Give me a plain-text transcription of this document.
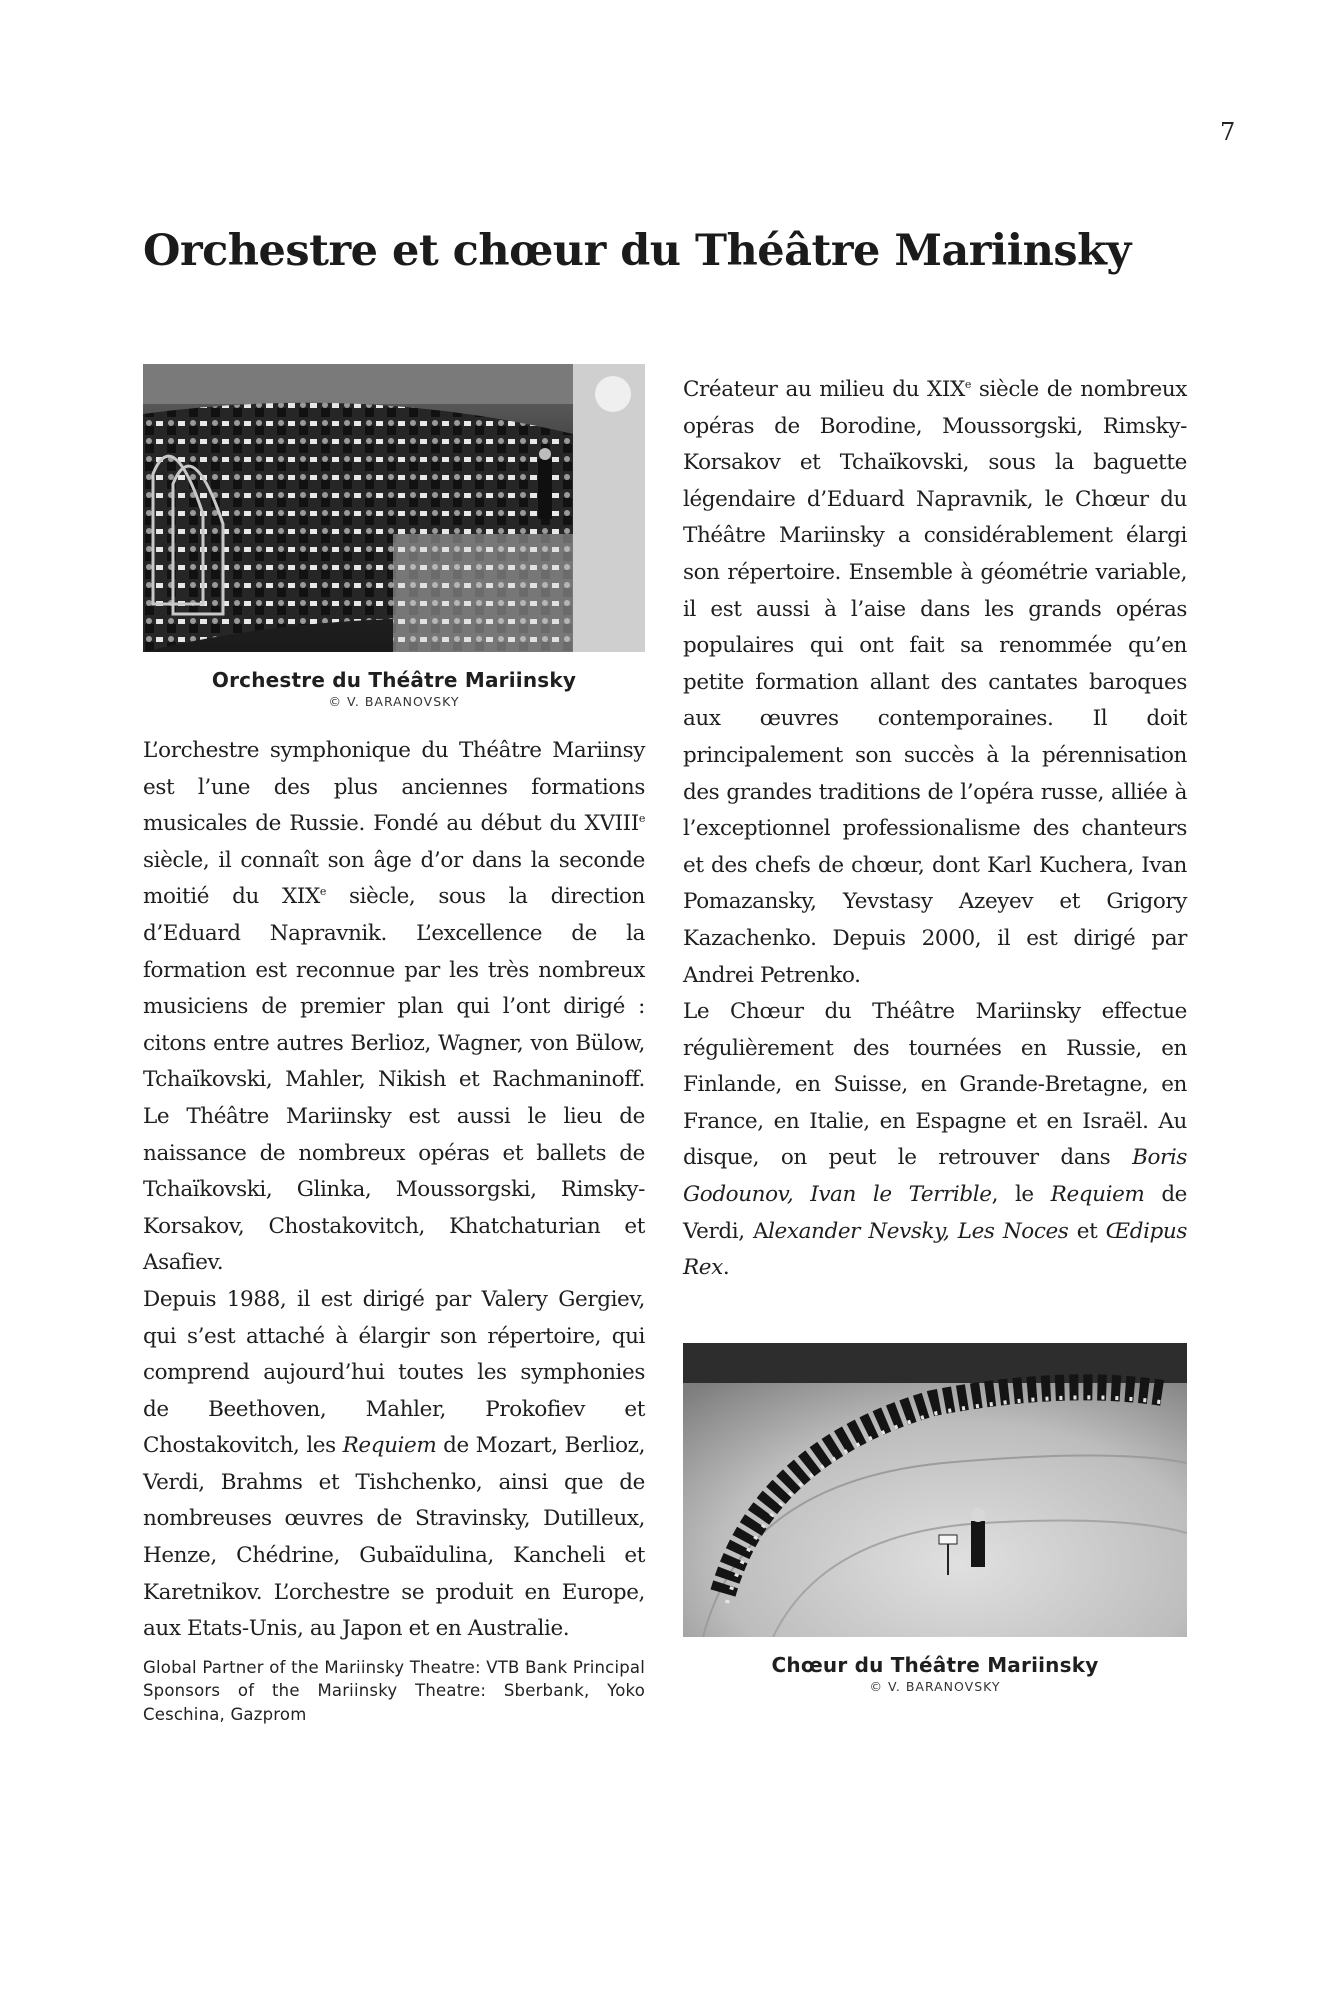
7
Orchestre et chœur du Théâtre Mariinsky
Orchestre du Théâtre Mariinsky
© V. BARANOVSKY

L’orchestre symphonique du Théâtre Mariinsy est l’une des plus anciennes formations musicales de Russie. Fondé au début du XVIIIe siècle, il connaît son âge d’or dans la seconde moitié du XIXe siècle, sous la direction d’Eduard Napravnik. L’excellence de la formation est reconnue par les très nombreux musiciens de premier plan qui l’ont dirigé : citons entre autres Berlioz, Wagner, von Bülow, Tchaïkovski, Mahler, Nikish et Rachmaninoff. Le Théâtre Mariinsky est aussi le lieu de naissance de nombreux opéras et ballets de Tchaïkovski, Glinka, Moussorgski, Rimsky-Korsakov, Chostakovitch, Khatchaturian et Asafiev.

Depuis 1988, il est dirigé par Valery Gergiev, qui s’est attaché à élargir son répertoire, qui comprend aujourd’hui toutes les symphonies de Beethoven, Mahler, Prokofiev et Chostakovitch, les Requiem de Mozart, Berlioz, Verdi, Brahms et Tishchenko, ainsi que de nombreuses œuvres de Stravinsky, Dutilleux, Henze, Chédrine, Gubaïdulina, Kancheli et Karetnikov. L’orchestre se produit en Europe, aux Etats-Unis, au Japon et en Australie.

Global Partner of the Mariinsky Theatre: VTB Bank Principal Sponsors of the Mariinsky Theatre: Sberbank, Yoko Ceschina, Gazprom

Créateur au milieu du XIXe siècle de nombreux opéras de Borodine, Moussorgski, Rimsky-Korsakov et Tchaïkovski, sous la baguette légendaire d’Eduard Napravnik, le Chœur du Théâtre Mariinsky a considérablement élargi son répertoire. Ensemble à géométrie variable, il est aussi à l’aise dans les grands opéras populaires qui ont fait sa renommée qu’en petite formation allant des cantates baroques aux œuvres contemporaines. Il doit principalement son succès à la pérennisation des grandes traditions de l’opéra russe, alliée à l’exceptionnel professionalisme des chanteurs et des chefs de chœur, dont Karl Kuchera, Ivan Pomazansky, Yevstasy Azeyev et Grigory Kazachenko. Depuis 2000, il est dirigé par Andrei Petrenko.

Le Chœur du Théâtre Mariinsky effectue régulièrement des tournées en Russie, en Finlande, en Suisse, en Grande-Bretagne, en France, en Italie, en Espagne et en Israël. Au disque, on peut le retrouver dans Boris Godounov, Ivan le Terrible, le Requiem de Verdi, Alexander Nevsky, Les Noces et Œdipus Rex.

Chœur du Théâtre Mariinsky
© V. BARANOVSKY
